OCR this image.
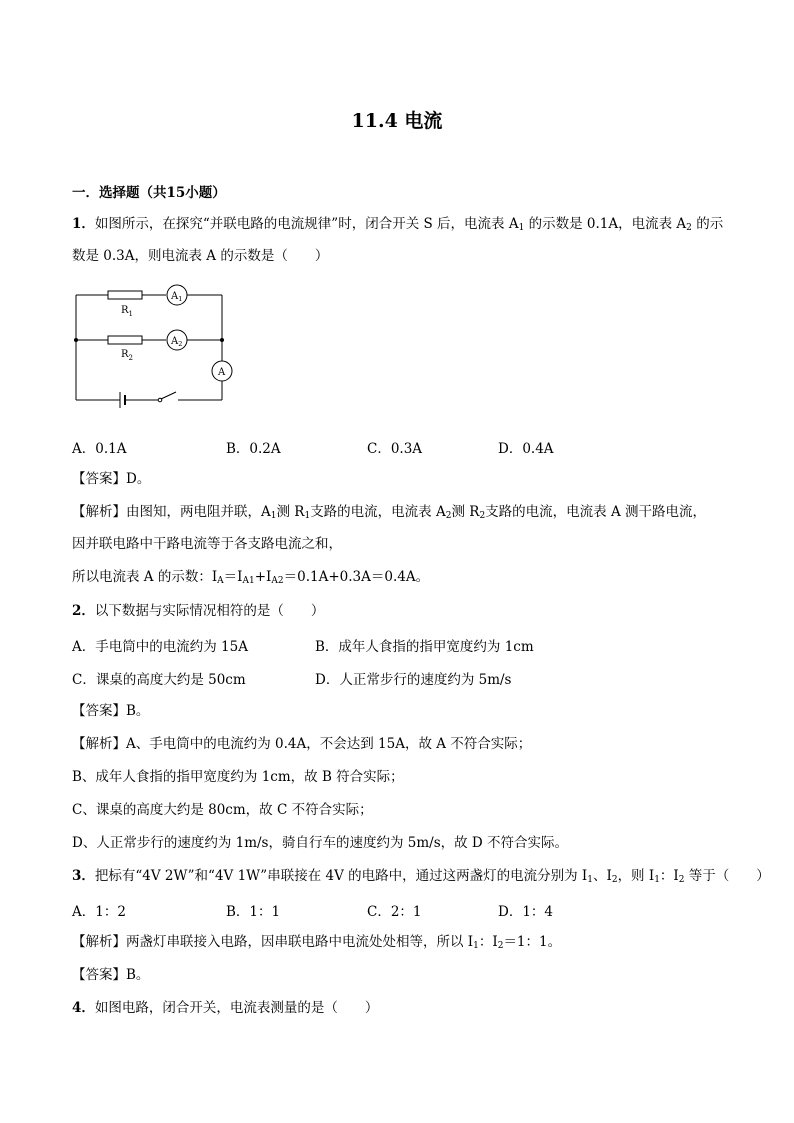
11.4 电流
一．选择题（共15小题）
1．如图所示，在探究“并联电路的电流规律”时，闭合开关 S 后，电流表 $A_1$ 的示数是 0.1A，电流表 $A_2$ 的示
数是 0.3A，则电流表 A 的示数是（　　）
$R_1$
$R_2$
$A_1$
$A_2$
A
A．0.1A	B．0.2A	C．0.3A	D．0.4A
【答案】D。
【解析】由图知，两电阻并联，$A_1$测 $R_1$支路的电流，电流表 $A_2$测 $R_2$支路的电流，电流表 A 测干路电流，
因并联电路中干路电流等于各支路电流之和，
所以电流表 A 的示数：$I_A=I_{A1}+I_{A2}=0.1A+0.3A=0.4A$。
2．以下数据与实际情况相符的是（　　）
A．手电筒中的电流约为 15A	B．成年人食指的指甲宽度约为 1cm
C．课桌的高度大约是 50cm	D．人正常步行的速度约为 5m/s
【答案】B。
【解析】A、手电筒中的电流约为 0.4A，不会达到 15A，故 A 不符合实际；
B、成年人食指的指甲宽度约为 1cm，故 B 符合实际；
C、课桌的高度大约是 80cm，故 C 不符合实际；
D、人正常步行的速度约为 1m/s，骑自行车的速度约为 5m/s，故 D 不符合实际。
3．把标有“4V 2W”和“4V 1W”串联接在 4V 的电路中，通过这两盏灯的电流分别为 $I_1$、$I_2$，则 $I_1$：$I_2$ 等于（　　）
A．1：2	B．1：1	C．2：1	D．1：4
【解析】两盏灯串联接入电路，因串联电路中电流处处相等，所以 $I_1$：$I_2=1$：1。
【答案】B。
4．如图电路，闭合开关，电流表测量的是（　　）
